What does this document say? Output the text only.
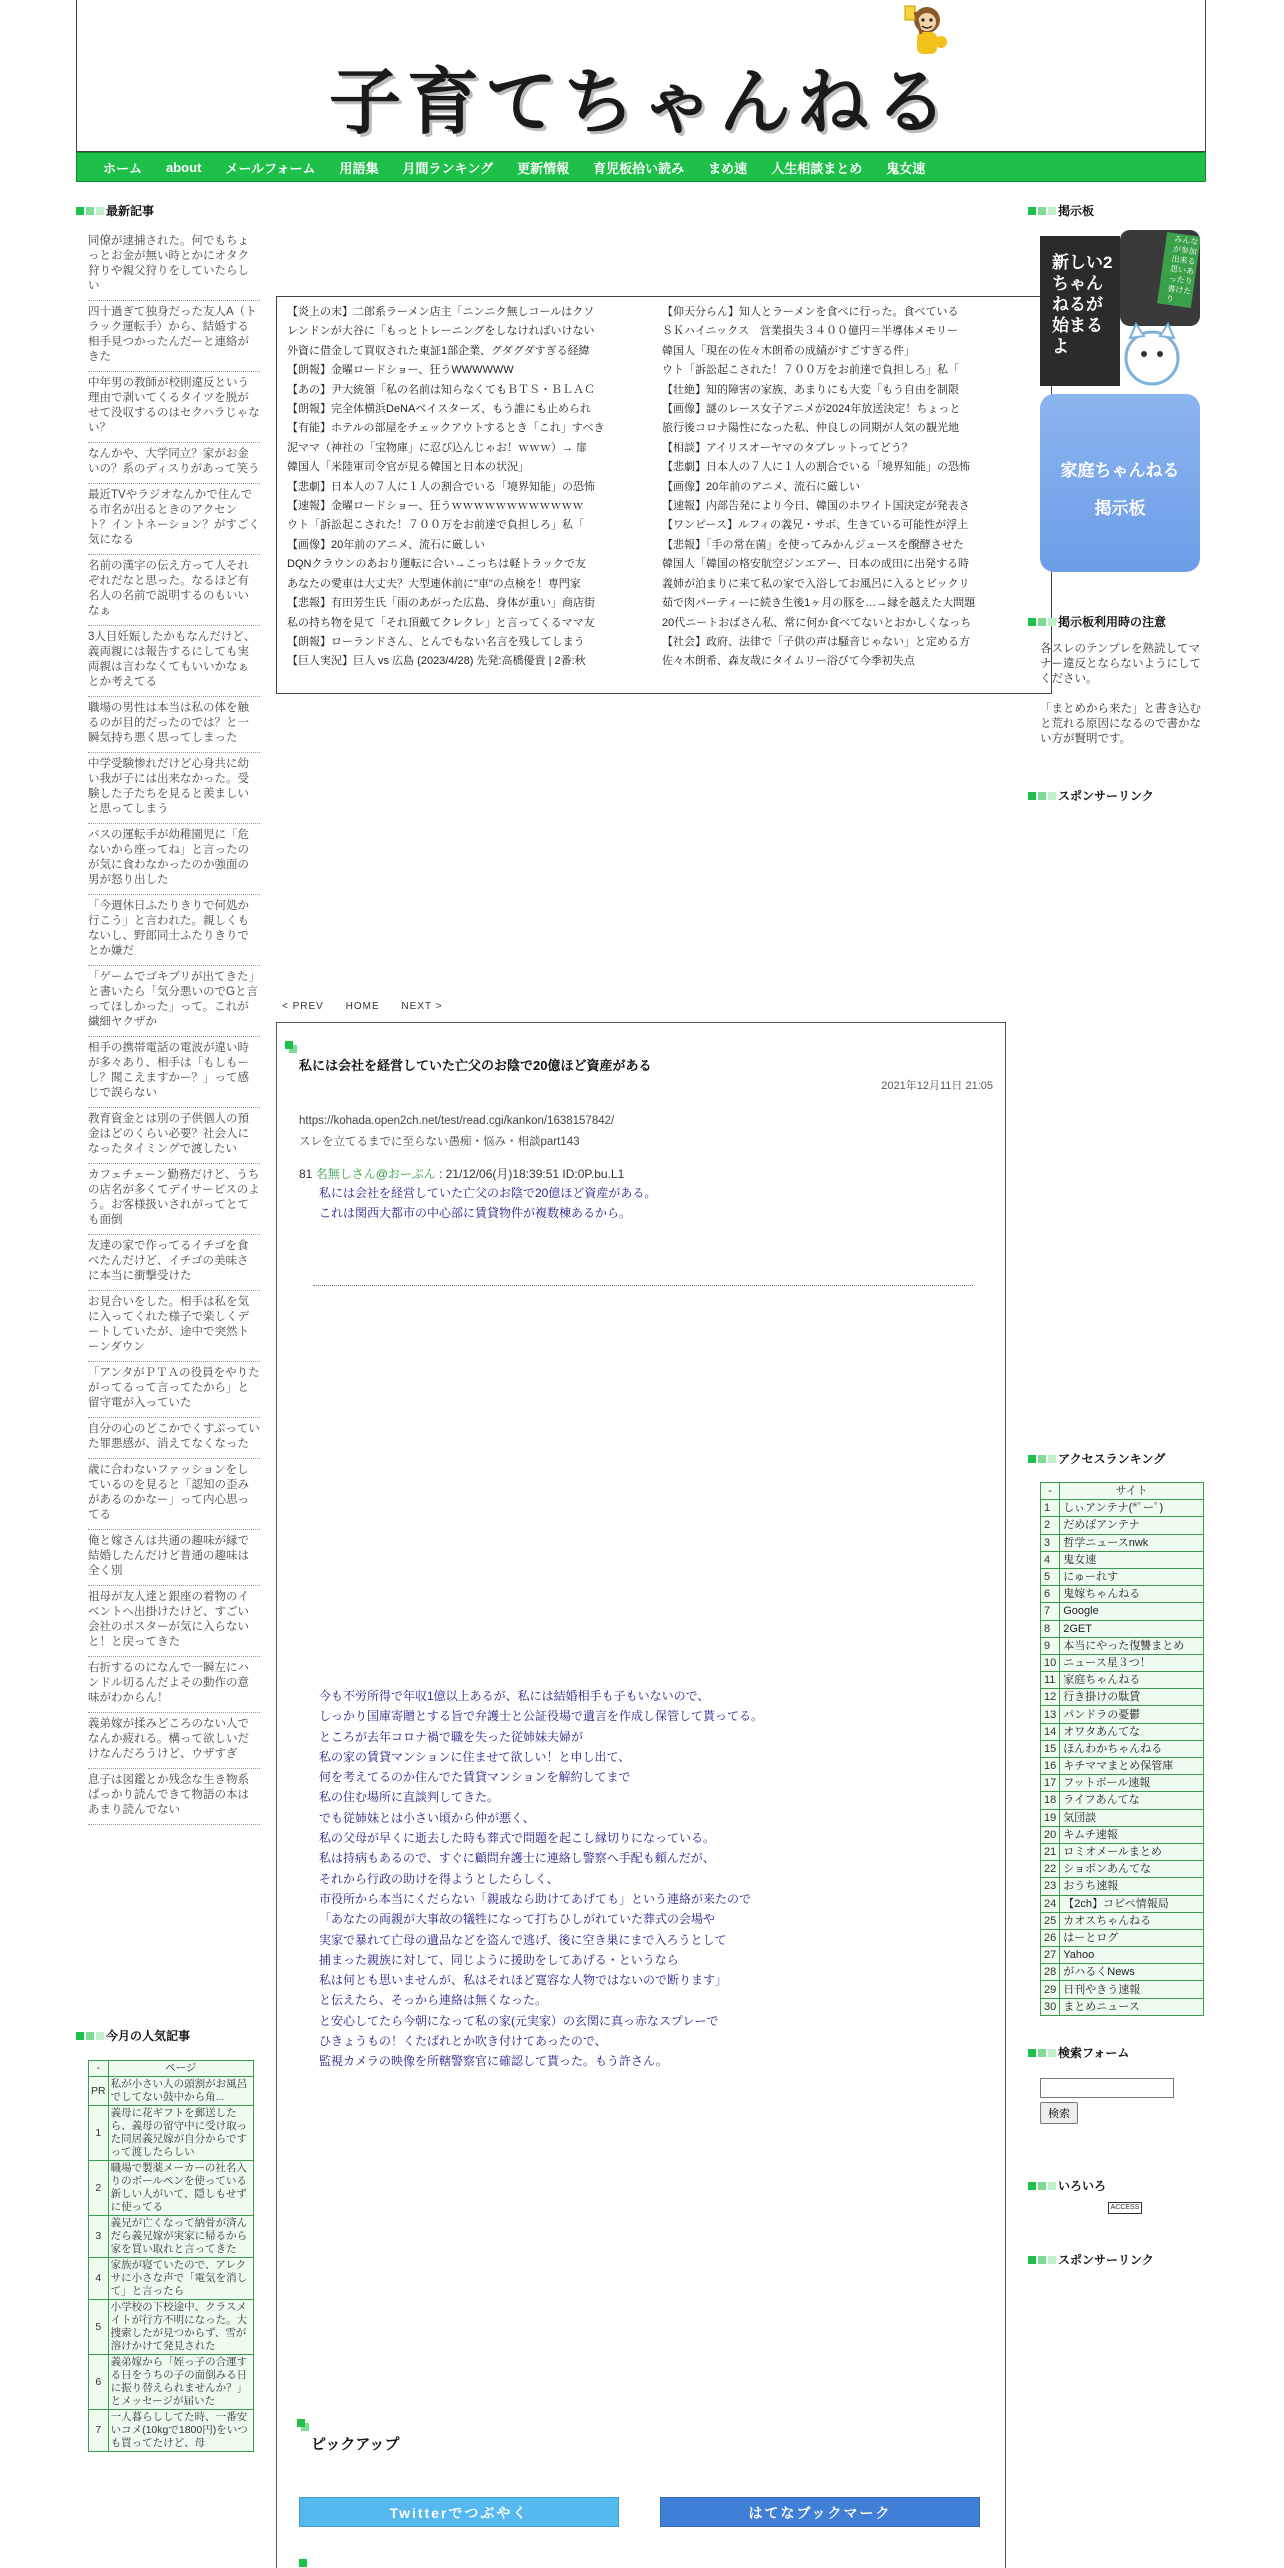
子育てちゃんねる
ホーム	about	メールフォーム	用語集	月間ランキング	更新情報	育児板拾い読み	まめ速	人生相談まとめ	鬼女速
最新記事
同僚が逮捕された。何でもちょっとお金が無い時とかにオタク狩りや親父狩りをしていたらしい
四十過ぎて独身だった友人A（トラック運転手）から、結婚する相手見つかったんだーと連絡がきた
中年男の教師が校則違反という理由で剥いてくるタイツを脱がせて没収するのはセクハラじゃない？
なんかや、大学同立？家がお金いの？系のディスりがあって笑う
最近TVやラジオなんかで住んでる市名が出るときのアクセント？イントネーション？がすごく気になる
名前の漢字の伝え方って人それぞれだなと思った。なるほど有名人の名前で説明するのもいいなぁ
3人目妊娠したかもなんだけど、義両親には報告するにしても実両親は言わなくてもいいかなぁとか考えてる
職場の男性は本当は私の体を触るのが目的だったのでは？と一瞬気持ち悪く思ってしまった
中学受験惨れだけど心身共に幼い我が子には出来なかった。受験した子たちを見ると羨ましいと思ってしまう
バスの運転手が幼稚園児に「危ないから座ってね」と言ったのが気に食わなかったのか強面の男が怒り出した
「今週休日ふたりきりで何処か行こう」と言われた。親しくもないし、野郎同士ふたりきりでとか嫌だ
「ゲームでゴキブリが出てきた」と書いたら「気分悪いのでGと言ってほしかった」って。これが繊細ヤクザか
相手の携帯電話の電波が違い時が多々あり、相手は「もしもーし？聞こえますかー？」って感じで誤らない
教育資金とは別の子供個人の預金はどのくらい必要？社会人になったタイミングで渡したい
カフェチェーン勤務だけど、うちの店名が多くてデイサービスのよう。お客様扱いされがってとても面倒
友達の家で作ってるイチゴを食べたんだけど、イチゴの美味さに本当に衝撃受けた
お見合いをした。相手は私を気に入ってくれた様子で楽しくデートしていたが、途中で突然トーンダウン
「アンタがＰＴＡの役員をやりたがってるって言ってたから」と留守電が入っていた
自分の心のどこかでくすぶっていた罪悪感が、消えてなくなった
歳に合わないファッションをしているのを見ると「認知の歪みがあるのかなー」って内心思ってる
俺と嫁さんは共通の趣味が縁で結婚したんだけど普通の趣味は全く別
祖母が友人達と銀座の着物のイベントへ出掛けたけど、すごい会社のポスターが気に入らないと！と戻ってきた
右折するのになんで一瞬左にハンドル切るんだよその動作の意味がわからん！
義弟嫁が揉みどころのない人でなんか疲れる。構って欲しいだけなんだろうけど、ウザすぎ
息子は図鑑とか残念な生き物系ばっかり読んできて物語の本はあまり読んでない
今月の人気記事
-	ページ
PR	私が小さい人の頭割がお風呂でしてない鼓中から角...
1	義母に花ギフトを郵送したら、義母の留守中に受け取った同居義兄嫁が自分からですって渡したらしい
2	職場で製薬メーカーの社名入りのボールペンを使っている新しい人がいて、隠しもせずに使ってる
3	義兄が亡くなって納骨が済んだら義兄嫁が実家に帰るから家を買い取れと言ってきた
4	家族が寝ていたので、アレクサに小さな声で「電気を消して」と言ったら
5	小学校の下校途中、クラスメイトが行方不明になった。大捜索したが見つからず、雪が溶けかけて発見された
6	義弟嫁から「姪っ子の合運する日をうちの子の面倒みる日に振り替えられませんか？」とメッセージが届いた
7	一人暮らししてた時、一番安いコメ(10kgで1800円)をいつも買ってたけど、母
【炎上の末】二郎系ラーメン店主「ニンニク無しコールはクソ
レンドンが大谷に「もっとトレーニングをしなければいけない
外資に借金して買収された東証1部企業、グダグダすぎる経緯
【朗報】金曜ロードショー、狂うWWWWWW
【あの】尹大統領「私の名前は知らなくてもＢＴＳ・ＢＬＡＣ
【朗報】完全体横浜DeNAベイスターズ、もう誰にも止められ
【有能】ホテルの部屋をチェックアウトするとき「これ」すべき
泥ママ（神社の「宝物庫」に忍び込んじゃお！ｗｗｗ）→ 扉
韓国人「米陸軍司令官が見る韓国と日本の状況」
【悲劇】日本人の７人に１人の割合でいる「境界知能」の恐怖
【速報】金曜ロードショー、狂うｗｗｗｗｗｗｗｗｗｗｗｗ
ウト「訴訟起こされた！７００万をお前達で負担しろ」私「
【画像】20年前のアニメ、流石に厳しい
DQNクラウンのあおり運転に合い→こっちは軽トラックで友
あなたの愛車は大丈夫？大型連休前に"車"の点検を！専門家
【悲報】有田芳生氏「雨のあがった広島、身体が重い」商店街
私の持ち物を見て「それ頂戴てクレクレ」と言ってくるママ友
【朗報】ローランドさん、とんでもない名言を残してしまう
【巨人実況】巨人 vs 広島 (2023/4/28) 先発:高橋優貴 | 2番:秋
【仰天分らん】知人とラーメンを食べに行った。食べている
ＳＫハイニックス　営業損失３４００億円＝半導体メモリー
韓国人「現在の佐々木朗希の成績がすごすぎる件」
ウト「訴訟起こされた！７００万をお前達で負担しろ」私「
【壮絶】知的障害の家族、あまりにも大変「もう自由を制限
【画像】謎のレース女子アニメが2024年放送決定！ちょっと
旅行後コロナ陽性になった私、仲良しの同期が人気の観光地
【相談】アイリスオーヤマのタブレットってどう？
【悲劇】日本人の７人に１人の割合でいる「境界知能」の恐怖
【画像】20年前のアニメ、流石に厳しい
【速報】内部告発により今日、韓国のホワイト国決定が発表さ
【ワンピース】ルフィの義兄・サボ、生きている可能性が浮上
【悲報】「手の常在菌」を使ってみかんジュースを醗酵させた
韓国人「韓国の格安航空ジンエアー、日本の成田に出発する時
義姉が泊まりに来て私の家で入浴してお風呂に入るとビックリ
茹で肉パーティーに続き生後1ヶ月の豚を…→縁を越えた大問題
20代ニートおばさん私、常に何か食べてないとおかしくなっち
【社会】政府、法律で「子供の声は騒音じゃない」と定める方
佐々木朗希、森友哉にタイムリー浴びて今季初失点
< PREV HOME NEXT >
私には会社を経営していた亡父のお陰で20億ほど資産がある
2021年12月11日 21:05
https://kohada.open2ch.net/test/read.cgi/kankon/1638157842/
スレを立てるまでに至らない愚痴・悩み・相談part143
81 名無しさん@おーぷん : 21/12/06(月)18:39:51 ID:0P.bu.L1
私には会社を経営していた亡父のお陰で20億ほど資産がある。
これは関西大都市の中心部に賃貸物件が複数棟あるから。
今も不労所得で年収1億以上あるが、私には結婚相手も子もいないので、
しっかり国庫寄贈とする旨で弁護士と公証役場で遺言を作成し保管して貰ってる。
ところが去年コロナ禍で職を失った従姉妹夫婦が
私の家の賃貸マンションに住ませて欲しい！と申し出て、
何を考えてるのか住んでた賃貸マンションを解約してまで
私の住む場所に直談判してきた。
でも従姉妹とは小さい頃から仲が悪く、
私の父母が早くに逝去した時も葬式で問題を起こし縁切りになっている。
私は持病もあるので、すぐに顧問弁護士に連絡し警察へ手配も頼んだが、
それから行政の助けを得ようとしたらしく、
市役所から本当にくだらない「親戚なら助けてあげても」という連絡が来たので
「あなたの両親が大事故の犠牲になって打ちひしがれていた葬式の会場や
実家で暴れて亡母の遺品などを盗んで逃げ、後に空き巣にまで入ろうとして
捕まった親族に対して、同じように援助をしてあげる・というなら
私は何とも思いませんが、私はそれほど寛容な人物ではないので断ります」
と伝えたら、そっから連絡は無くなった。
と安心してたら今朝になって私の家(元実家）の玄関に真っ赤なスプレーで
ひきょうもの！くたばれとか吹き付けてあったので、
監視カメラの映像を所轄警察官に確認して貰った。もう許さん。
ピックアップ
Twitterでつぶやく	はてなブックマーク
掲示板
新しい2ちゃんねるが始まるよ
みんなが参加出来る思いあったり書けたり
家庭ちゃんねる
掲示板
掲示板利用時の注意
各スレのテンプレを熟読してマナー違反とならないようにしてください。
「まとめから来た」と書き込むと荒れる原因になるので書かない方が賢明です。
スポンサーリンク
アクセスランキング
-	サイト
1	しぃアンテナ(*ﾟーﾟ)
2	だめぽアンテナ
3	哲学ニュースnwk
4	鬼女速
5	にゅーれす
6	鬼嫁ちゃんねる
7	Google
8	2GET
9	本当にやった復讐まとめ
10	ニュース星３つ！
11	家庭ちゃんねる
12	行き掛けの駄賃
13	パンドラの憂鬱
14	オワタあんてな
15	ほんわかちゃんねる
16	キチママまとめ保管庫
17	フットボール速報
18	ライフあんてな
19	気団談
20	キムチ速報
21	ロミオメールまとめ
22	ショボンあんてな
23	おうち速報
24	【2ch】コピペ情報局
25	カオスちゃんねる
26	はーとログ
27	Yahoo
28	がハるくNews
29	日刊やきう速報
30	まとめニュース
検索フォーム
検索
いろいろ
ACCESS
スポンサーリンク
